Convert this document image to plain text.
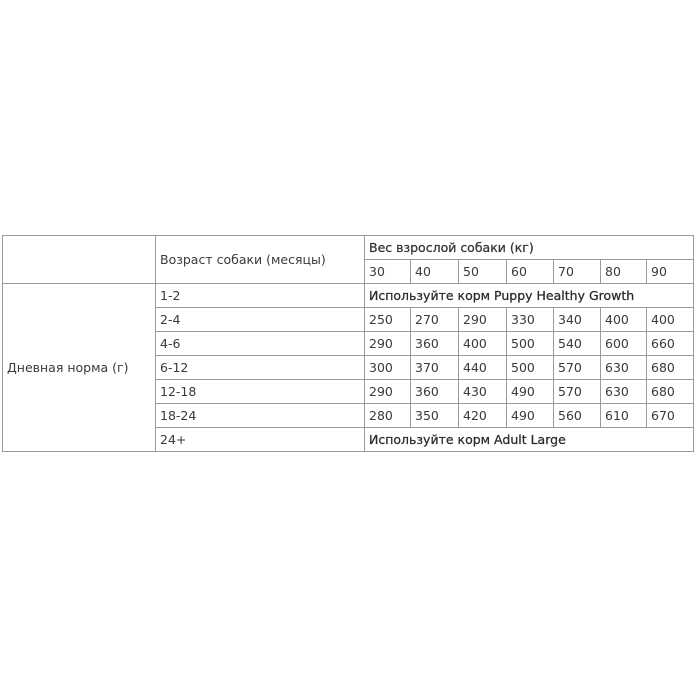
	Возраст собаки (месяцы)	Вес взрослой собаки (кг)						
		30	40	50	60	70	80	90
Дневная норма (г)	1-2	Используйте корм Puppy Healthy Growth						
	2-4	250	270	290	330	340	400	400
	4-6	290	360	400	500	540	600	660
	6-12	300	370	440	500	570	630	680
	12-18	290	360	430	490	570	630	680
	18-24	280	350	420	490	560	610	670
	24+	Используйте корм Adult Large						
